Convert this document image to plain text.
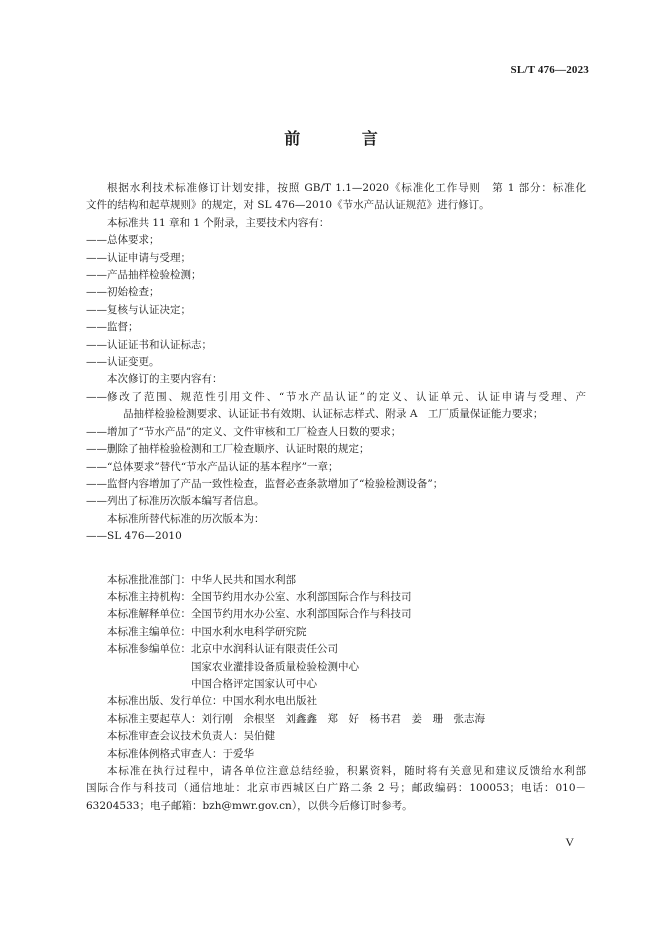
SL/T 476—2023
前 言

根据水利技术标准修订计划安排，按照 GB/T 1.1—2020《标准化工作导则　第 1 部分：标准化

文件的结构和起草规则》的规定，对 SL 476—2010《节水产品认证规范》进行修订。

本标准共 11 章和 1 个附录，主要技术内容有：

—— 总体要求；

—— 认证申请与受理；

—— 产品抽样检验检测；

—— 初始检查；

—— 复核与认证决定；

—— 监督；

—— 认证证书和认证标志；

—— 认证变更。

本次修订的主要内容有：

—— 修改了范围、规范性引用文件、“节水产品认证”的定义、认证单元、认证申请与受理、产

品抽样检验检测要求、认证证书有效期、认证标志样式、附录 A　工厂质量保证能力要求；

—— 增加了“节水产品”的定义、文件审核和工厂检查人日数的要求；

—— 删除了抽样检验检测和工厂检查顺序、认证时限的规定；

—— “总体要求”替代“节水产品认证的基本程序”一章；

—— 监督内容增加了产品一致性检查，监督必查条款增加了“检验检测设备”；

—— 列出了标准历次版本编写者信息。

本标准所替代标准的历次版本为：

—— SL 476—2010

本标准批准部门：中华人民共和国水利部

本标准主持机构：全国节约用水办公室、水利部国际合作与科技司

本标准解释单位：全国节约用水办公室、水利部国际合作与科技司

本标准主编单位：中国水利水电科学研究院

本标准参编单位：北京中水润科认证有限责任公司

国家农业灌排设备质量检验检测中心

中国合格评定国家认可中心

本标准出版、发行单位：中国水利水电出版社

本标准主要起草人：刘行刚　余根坚　刘鑫鑫　郑　好　杨书君　姜　珊　张志海

本标准审查会议技术负责人：吴伯健

本标准体例格式审查人：于爱华

本标准在执行过程中，请各单位注意总结经验，积累资料，随时将有关意见和建议反馈给水利部

国际合作与科技司（通信地址：北京市西城区白广路二条 2 号；邮政编码：100053；电话：010－

63204533；电子邮箱：bzh@mwr.gov.cn），以供今后修订时参考。

V
